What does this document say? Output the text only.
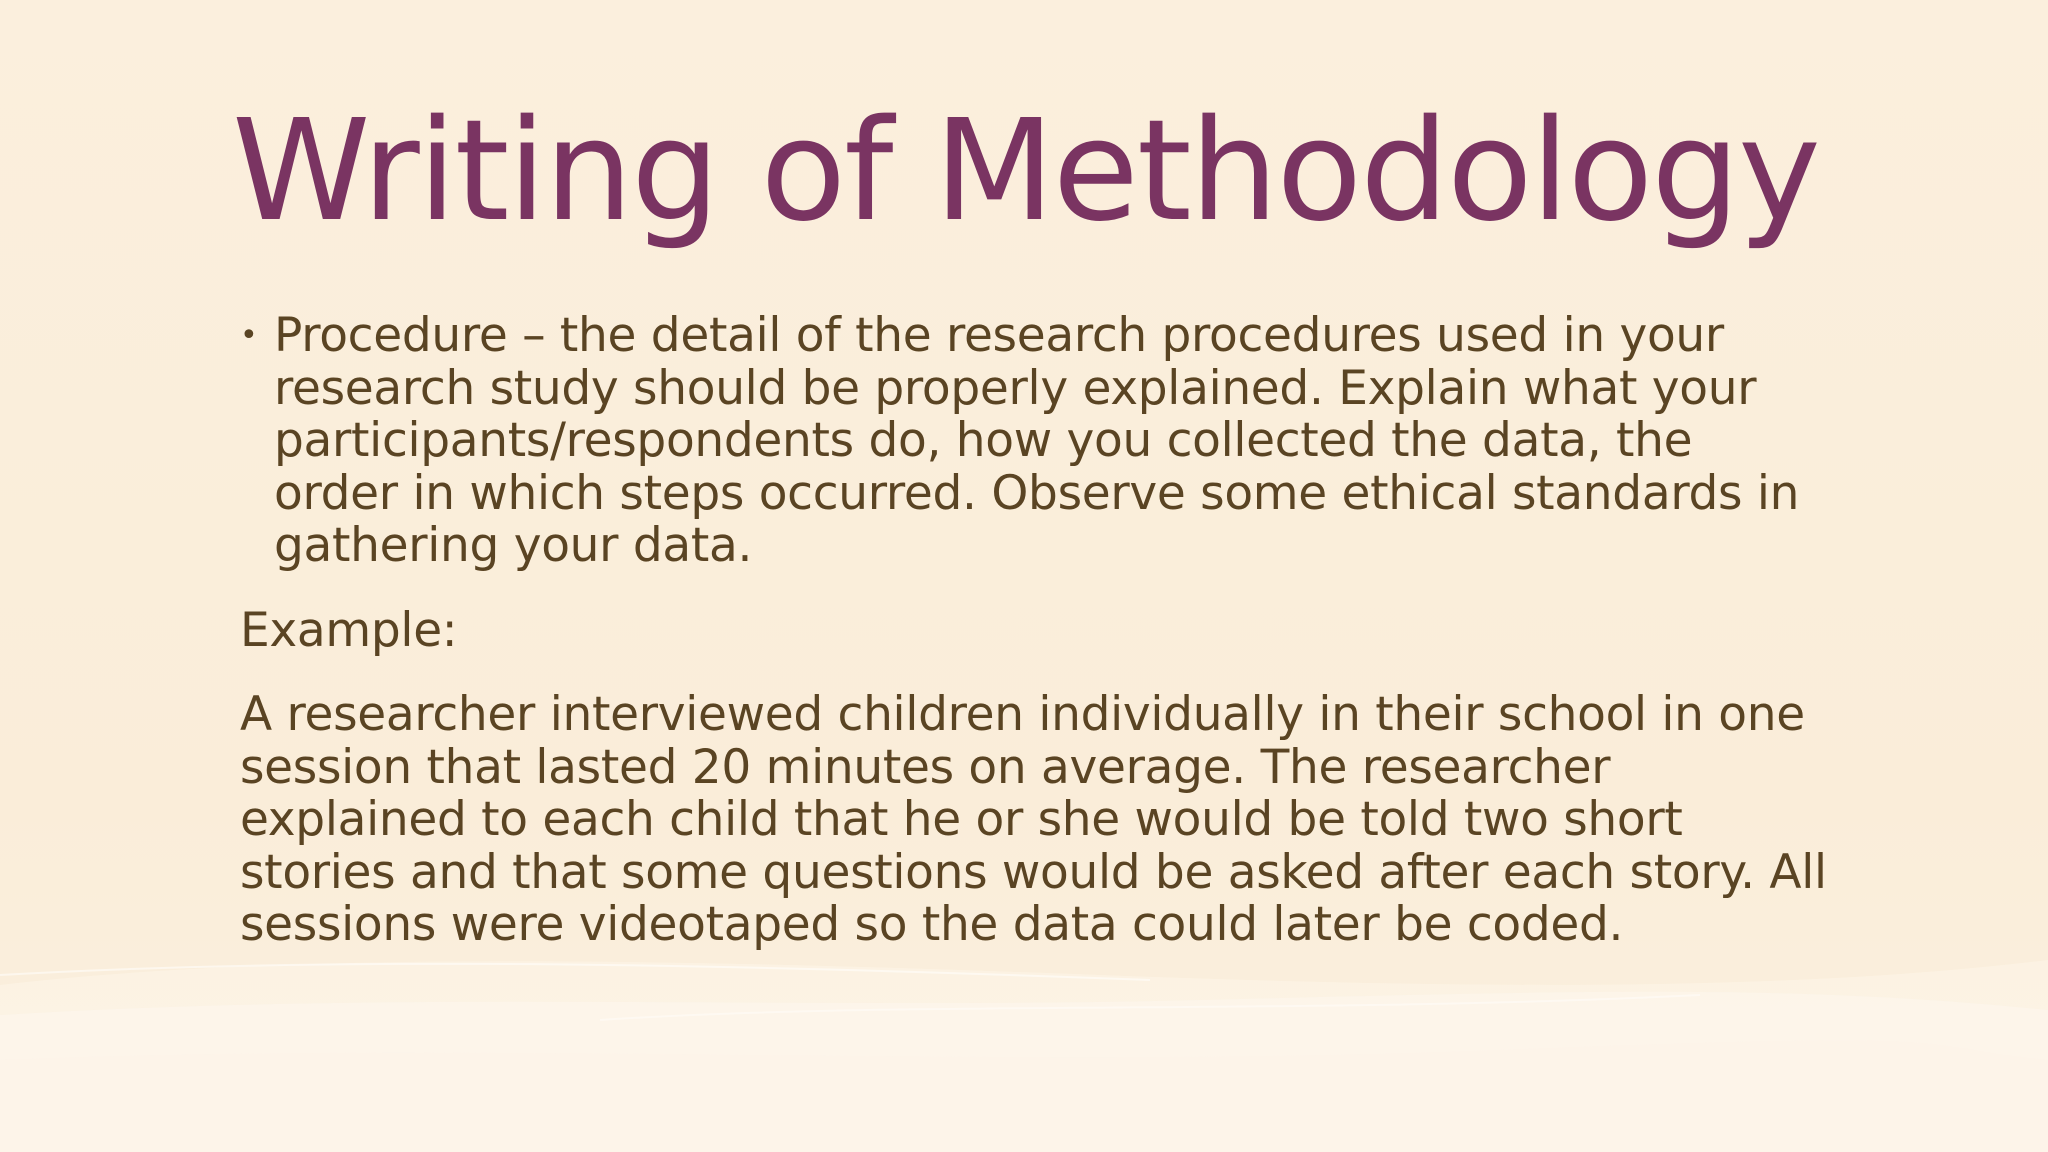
Writing of Methodology
• Procedure – the detail of the research procedures used in your research study should be properly explained. Explain what your participants/respondents do, how you collected the data, the order in which steps occurred. Observe some ethical standards in gathering your data.

Example:

A researcher interviewed children individually in their school in one session that lasted 20 minutes on average. The researcher explained to each child that he or she would be told two short stories and that some questions would be asked after each story. All sessions were videotaped so the data could later be coded.
